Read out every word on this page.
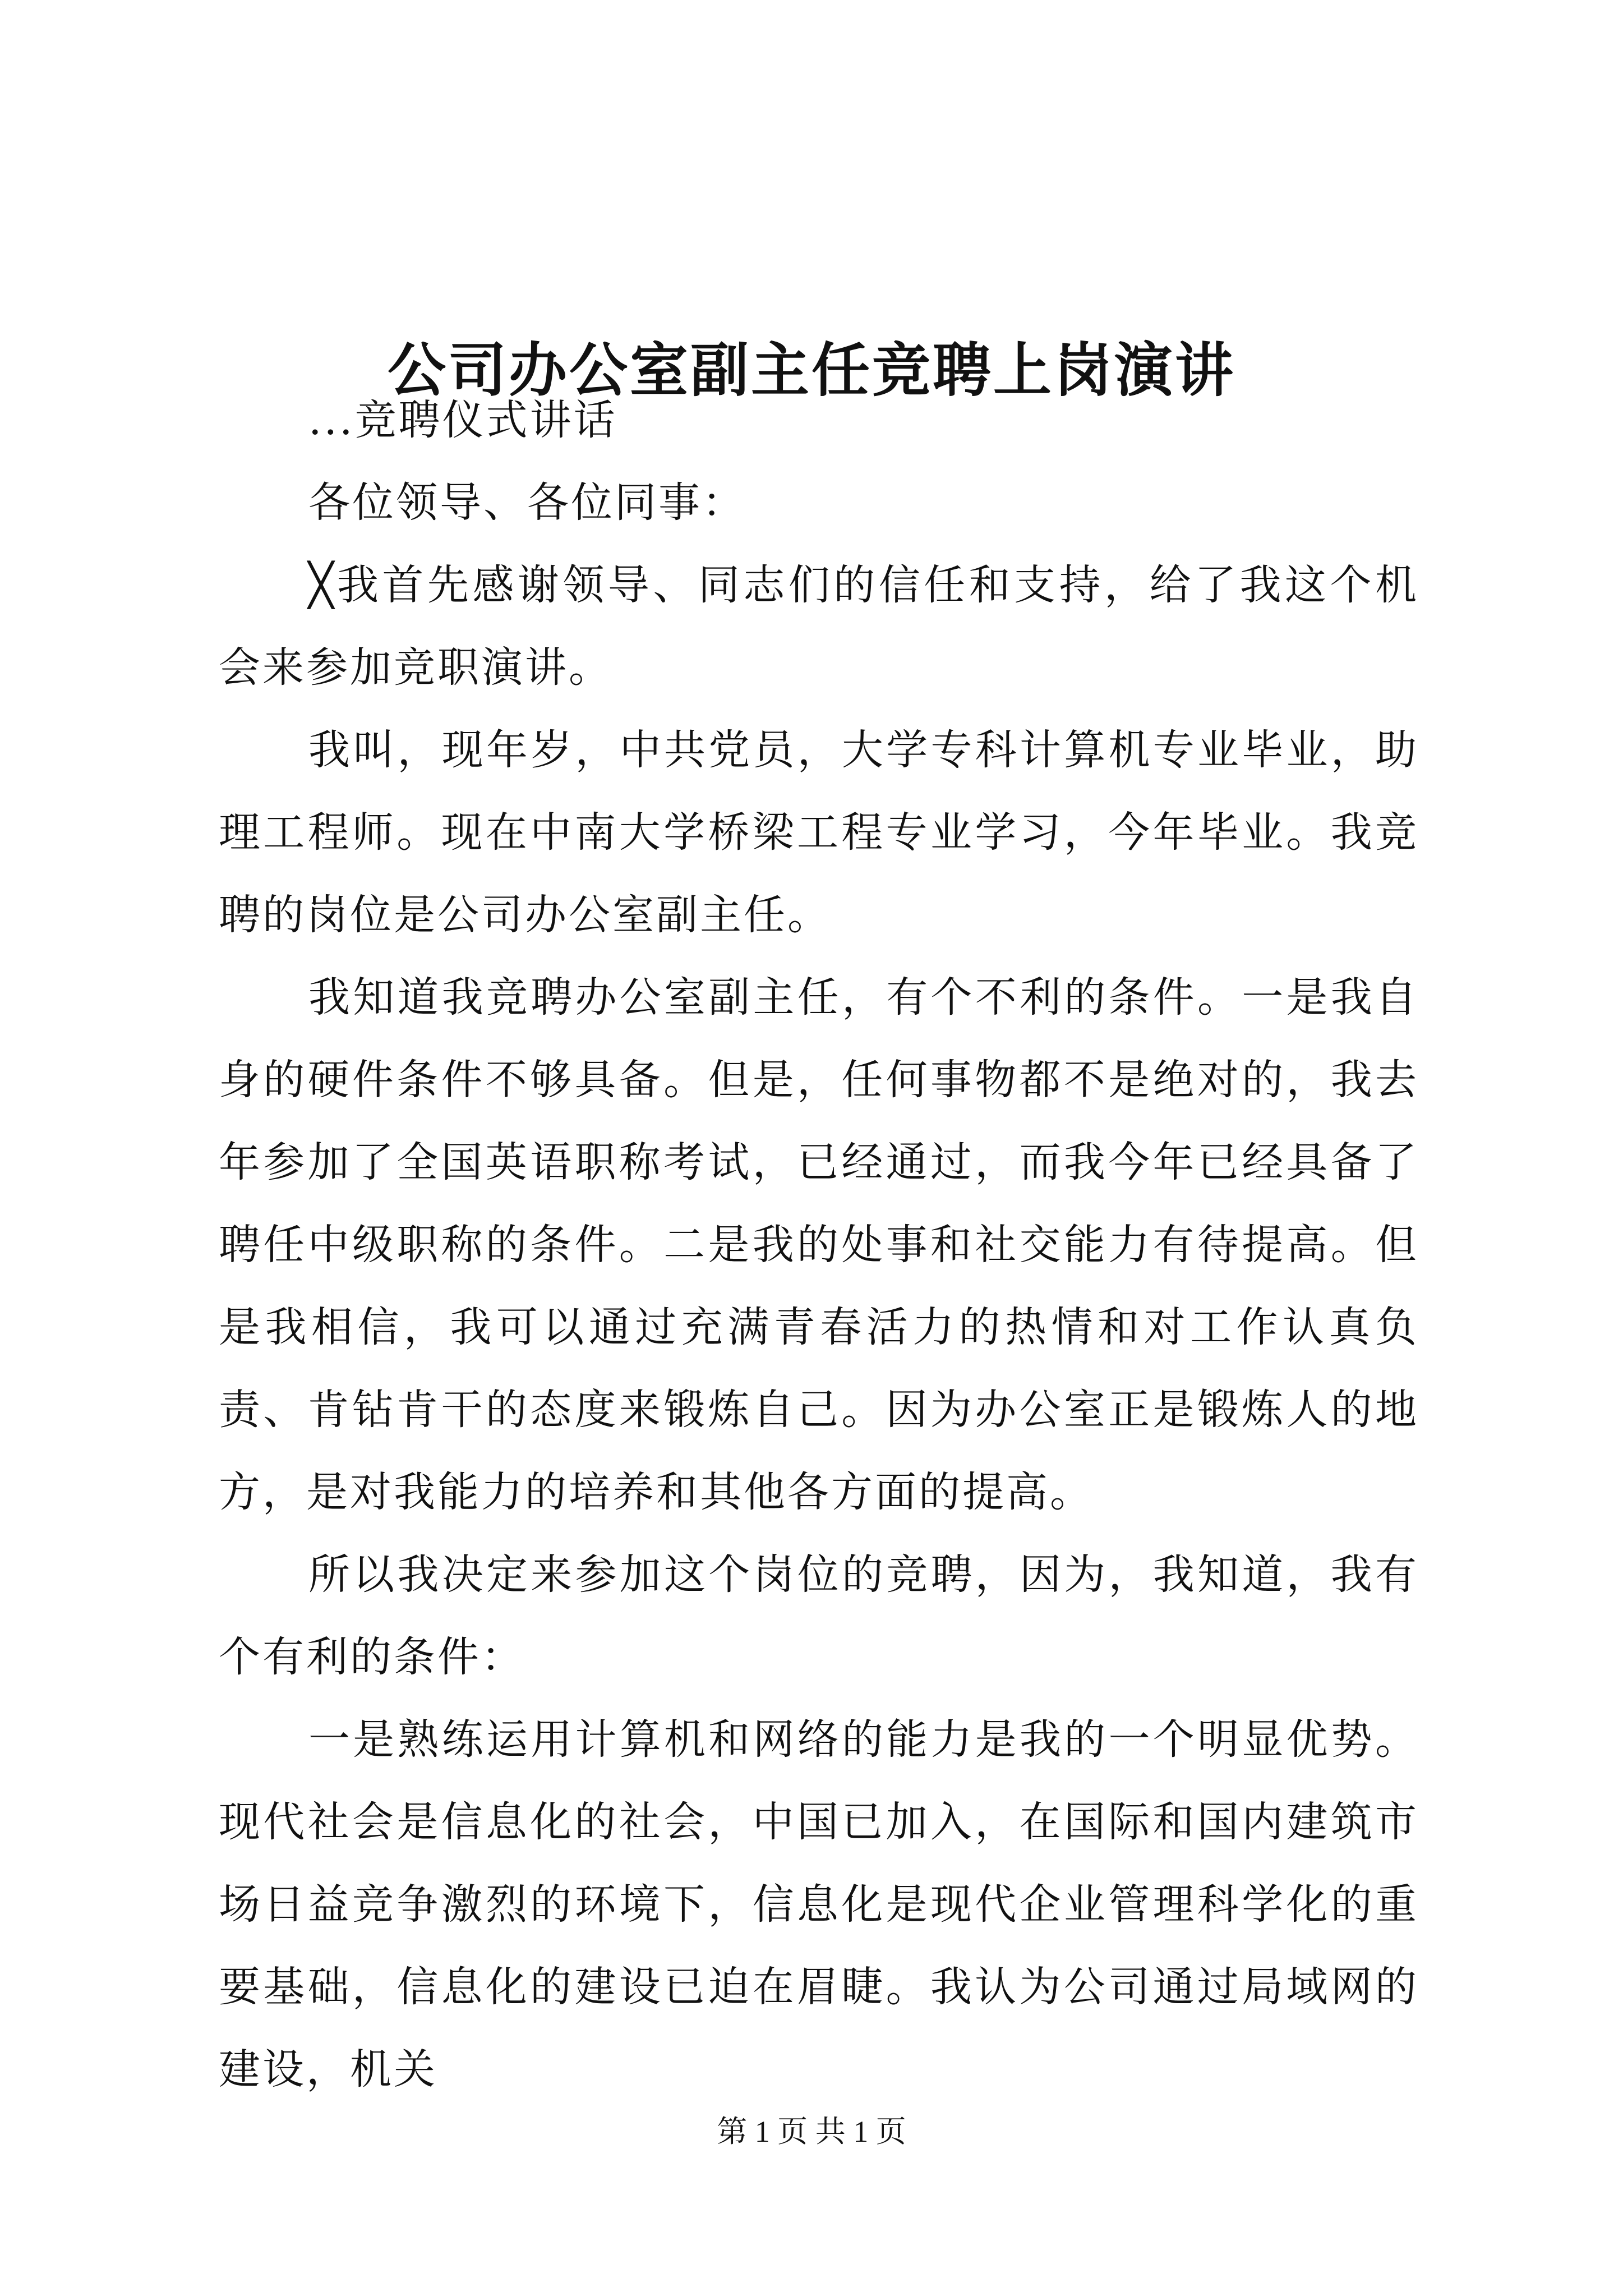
公司办公室副主任竞聘上岗演讲

...竞聘仪式讲话

各位领导、各位同事：

╳我首先感谢领导、同志们的信任和支持，给了我这个机会来参加竞职演讲。

我叫，现年岁，中共党员，大学专科计算机专业毕业，助理工程师。现在中南大学桥梁工程专业学习，今年毕业。我竞聘的岗位是公司办公室副主任。

我知道我竞聘办公室副主任，有个不利的条件。一是我自身的硬件条件不够具备。但是，任何事物都不是绝对的，我去年参加了全国英语职称考试，已经通过，而我今年已经具备了聘任中级职称的条件。二是我的处事和社交能力有待提高。但是我相信，我可以通过充满青春活力的热情和对工作认真负责、肯钻肯干的态度来锻炼自己。因为办公室正是锻炼人的地方，是对我能力的培养和其他各方面的提高。

所以我决定来参加这个岗位的竞聘，因为，我知道，我有个有利的条件：

一是熟练运用计算机和网络的能力是我的一个明显优势。现代社会是信息化的社会，中国已加入，在国际和国内建筑市场日益竞争激烈的环境下，信息化是现代企业管理科学化的重要基础，信息化的建设已迫在眉睫。我认为公司通过局域网的建设，机关

第 1 页 共 1 页
